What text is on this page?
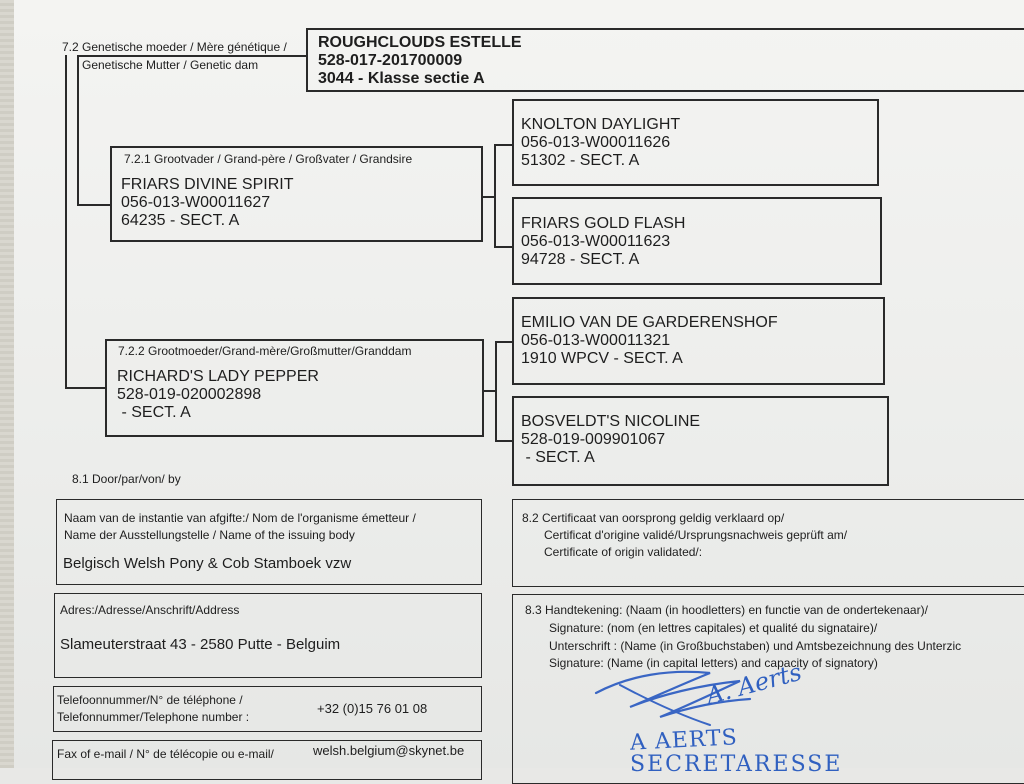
7.2 Genetische moeder / Mère génétique /
Genetische Mutter / Genetic dam
ROUGHCLOUDS ESTELLE
528-017-201700009
3044 - Klasse sectie A
7.2.1 Grootvader / Grand-père / Großvater / Grandsire
FRIARS DIVINE SPIRIT
056-013-W00011627
64235 - SECT. A
KNOLTON DAYLIGHT
056-013-W00011626
51302 - SECT. A
FRIARS GOLD FLASH
056-013-W00011623
94728 - SECT. A
7.2.2 Grootmoeder/Grand-mère/Großmutter/Granddam
RICHARD'S LADY PEPPER
528-019-020002898
- SECT. A
EMILIO VAN DE GARDERENSHOF
056-013-W00011321
1910 WPCV - SECT. A
BOSVELDT'S NICOLINE
528-019-009901067
- SECT. A
8.1 Door/par/von/ by
Naam van de instantie van afgifte:/ Nom de l'organisme émetteur /
Name der Ausstellungstelle / Name of the issuing body
Belgisch Welsh Pony & Cob Stamboek vzw
Adres:/Adresse/Anschrift/Address
Slameuterstraat 43 - 2580 Putte - Belguim
Telefoonnummer/N° de téléphone /
Telefonnummer/Telephone number :
+32 (0)15 76 01 08
Fax of e-mail / N° de télécopie ou e-mail/	welsh.belgium@skynet.be
8.2 Certificaat van oorsprong geldig verklaard op/
Certificat d'origine validé/Ursprungsnachweis geprüft am/
Certificate of origin validated/:
8.3 Handtekening: (Naam (in hoodletters) en functie van de ondertekenaar)/
Signature: (nom (en lettres capitales) et qualité du signataire)/
Unterschrift : (Name (in Großbuchstaben) und Amtsbezeichnung des Unterzic
Signature: (Name (in capital letters) and capacity of signatory)
A. Aerts
A AERTS
SECRETARESSE
